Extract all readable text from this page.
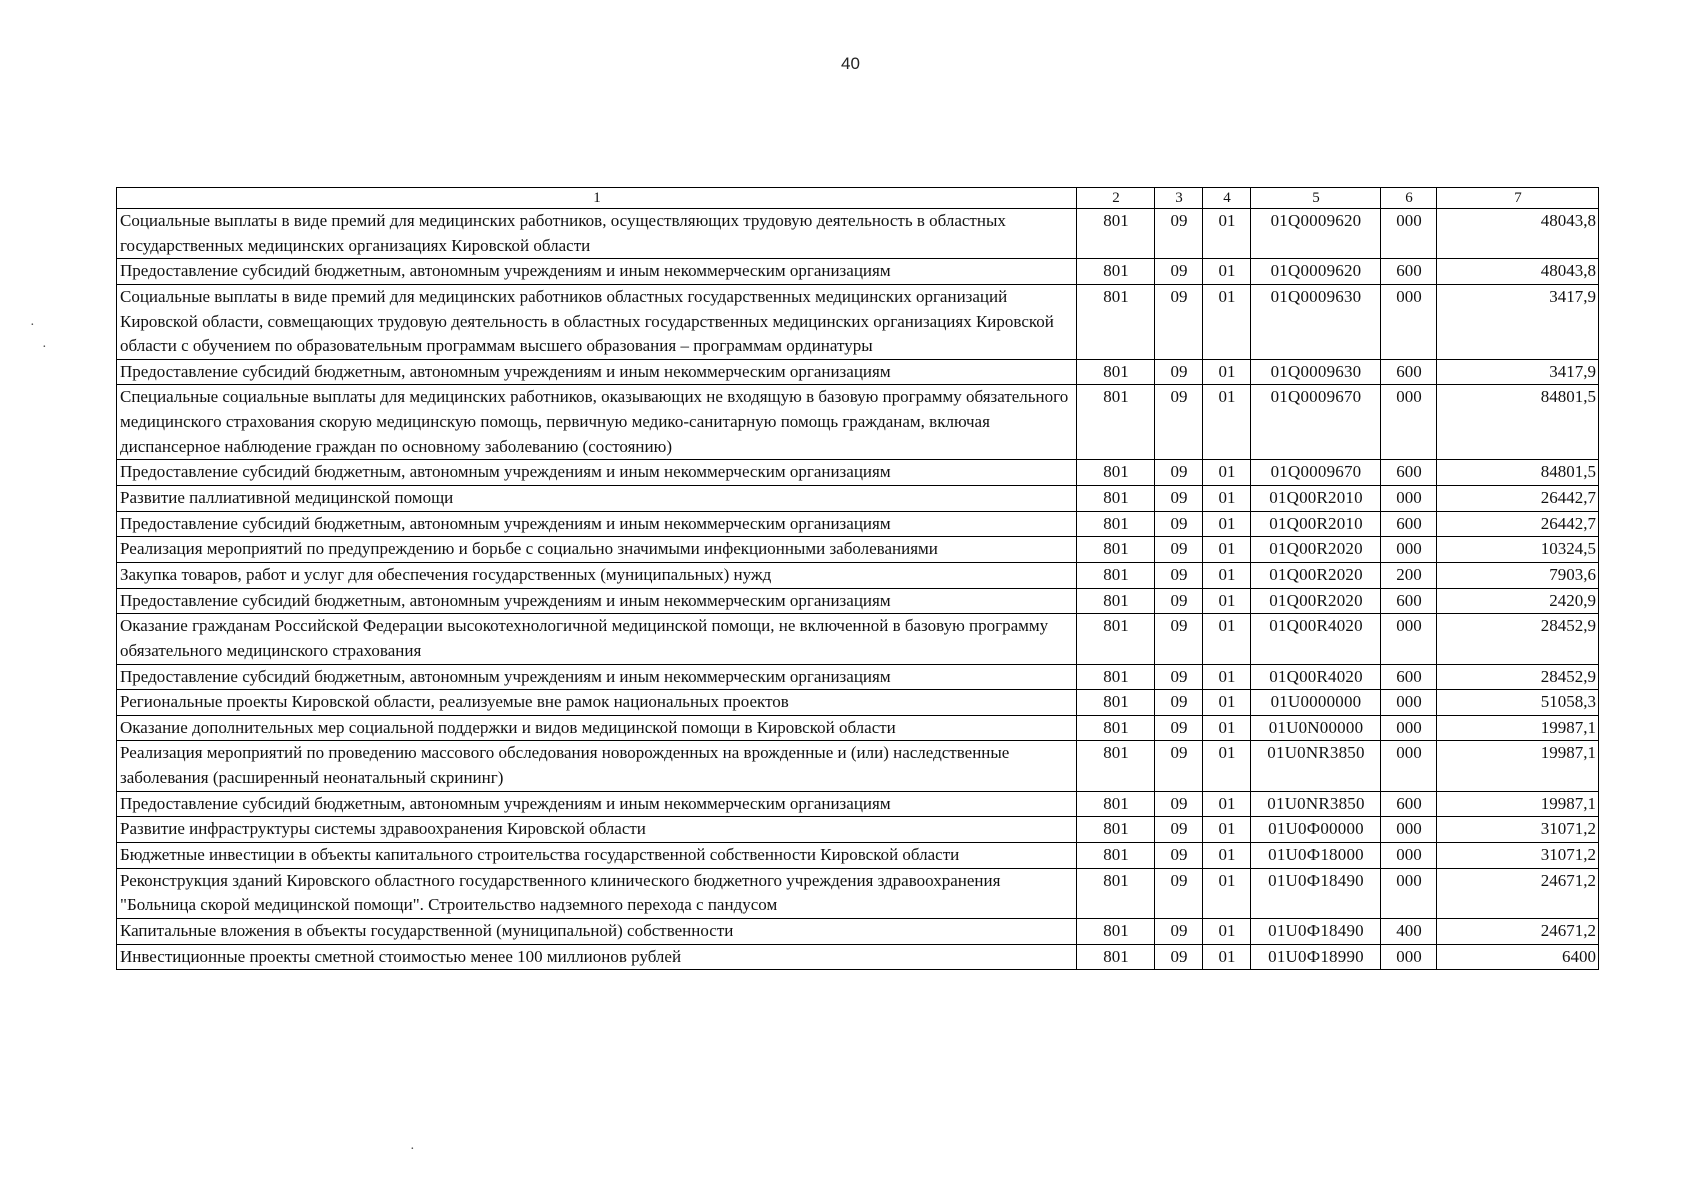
40
1	2	3	4	5	6	7
Социальные выплаты в виде премий для медицинских работников, осуществляющих трудовую деятельность в областных государственных медицинских организациях Кировской области	801	09	01	01Q0009620	000	48043,8
Предоставление субсидий бюджетным, автономным учреждениям и иным некоммерческим организациям	801	09	01	01Q0009620	600	48043,8
Социальные выплаты в виде премий для медицинских работников областных государственных медицинских организаций Кировской области, совмещающих трудовую деятельность в областных государственных медицинских организациях Кировской области с обучением по образовательным программам высшего образования – программам ординатуры	801	09	01	01Q0009630	000	3417,9
Предоставление субсидий бюджетным, автономным учреждениям и иным некоммерческим организациям	801	09	01	01Q0009630	600	3417,9
Специальные социальные выплаты для медицинских работников, оказывающих не входящую в базовую программу обязательного медицинского страхования скорую медицинскую помощь, первичную медико-санитарную помощь гражданам, включая диспансерное наблюдение граждан по основному заболеванию (состоянию)	801	09	01	01Q0009670	000	84801,5
Предоставление субсидий бюджетным, автономным учреждениям и иным некоммерческим организациям	801	09	01	01Q0009670	600	84801,5
Развитие паллиативной медицинской помощи	801	09	01	01Q00R2010	000	26442,7
Предоставление субсидий бюджетным, автономным учреждениям и иным некоммерческим организациям	801	09	01	01Q00R2010	600	26442,7
Реализация мероприятий по предупреждению и борьбе с социально значимыми инфекционными заболеваниями	801	09	01	01Q00R2020	000	10324,5
Закупка товаров, работ и услуг для обеспечения государственных (муниципальных) нужд	801	09	01	01Q00R2020	200	7903,6
Предоставление субсидий бюджетным, автономным учреждениям и иным некоммерческим организациям	801	09	01	01Q00R2020	600	2420,9
Оказание гражданам Российской Федерации высокотехнологичной медицинской помощи, не включенной в базовую программу обязательного медицинского страхования	801	09	01	01Q00R4020	000	28452,9
Предоставление субсидий бюджетным, автономным учреждениям и иным некоммерческим организациям	801	09	01	01Q00R4020	600	28452,9
Региональные проекты Кировской области, реализуемые вне рамок национальных проектов	801	09	01	01U0000000	000	51058,3
Оказание дополнительных мер социальной поддержки и видов медицинской помощи в Кировской области	801	09	01	01U0N00000	000	19987,1
Реализация мероприятий по проведению массового обследования новорожденных на врожденные и (или) наследственные заболевания (расширенный неонатальный скрининг)	801	09	01	01U0NR3850	000	19987,1
Предоставление субсидий бюджетным, автономным учреждениям и иным некоммерческим организациям	801	09	01	01U0NR3850	600	19987,1
Развитие инфраструктуры системы здравоохранения Кировской области	801	09	01	01U0Ф00000	000	31071,2
Бюджетные инвестиции в объекты капитального строительства государственной собственности Кировской области	801	09	01	01U0Ф18000	000	31071,2
Реконструкция зданий Кировского областного государственного клинического бюджетного учреждения здравоохранения "Больница скорой медицинской помощи". Строительство надземного перехода с пандусом	801	09	01	01U0Ф18490	000	24671,2
Капитальные вложения в объекты государственной (муниципальной) собственности	801	09	01	01U0Ф18490	400	24671,2
Инвестиционные проекты сметной стоимостью менее 100 миллионов рублей	801	09	01	01U0Ф18990	000	6400
·
·
·
